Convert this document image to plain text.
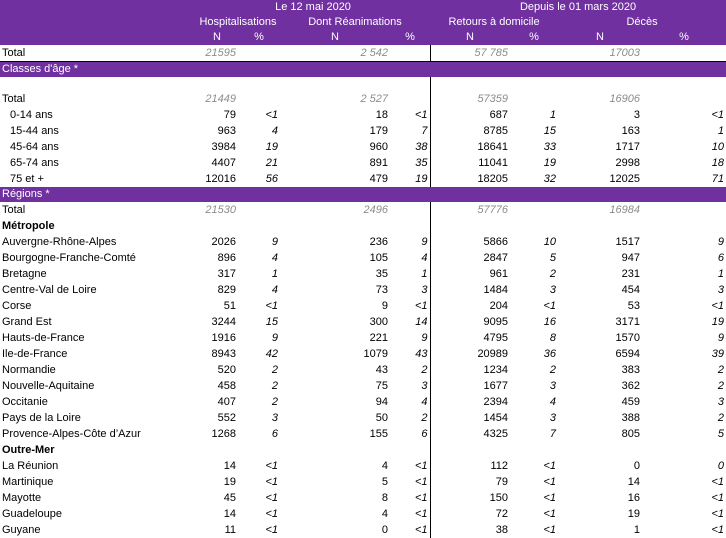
	Le 12 mai 2020				Depuis le 01 mars 2020			
	Hospitalisations		Dont Réanimations		Retours à domicile		Décès	
	N	%	N	%	N	%	N	%
Total	21595		2 542		57 785		17003	
Classes d'âge *								

Total	21449		2 527		57359		16906	
0-14 ans	79	<1	18	<1	687	1	3	<1
15-44 ans	963	4	179	7	8785	15	163	1
45-64 ans	3984	19	960	38	18641	33	1717	10
65-74 ans	4407	21	891	35	11041	19	2998	18
75 et +	12016	56	479	19	18205	32	12025	71
Régions *								
Total	21530		2496		57776		16984	
Métropole								
Auvergne-Rhône-Alpes	2026	9	236	9	5866	10	1517	9
Bourgogne-Franche-Comté	896	4	105	4	2847	5	947	6
Bretagne	317	1	35	1	961	2	231	1
Centre-Val de Loire	829	4	73	3	1484	3	454	3
Corse	51	<1	9	<1	204	<1	53	<1
Grand Est	3244	15	300	14	9095	16	3171	19
Hauts-de-France	1916	9	221	9	4795	8	1570	9
Ile-de-France	8943	42	1079	43	20989	36	6594	39
Normandie	520	2	43	2	1234	2	383	2
Nouvelle-Aquitaine	458	2	75	3	1677	3	362	2
Occitanie	407	2	94	4	2394	4	459	3
Pays de la Loire	552	3	50	2	1454	3	388	2
Provence-Alpes-Côte d’Azur	1268	6	155	6	4325	7	805	5
Outre-Mer								
La Réunion	14	<1	4	<1	112	<1	0	0
Martinique	19	<1	5	<1	79	<1	14	<1
Mayotte	45	<1	8	<1	150	<1	16	<1
Guadeloupe	14	<1	4	<1	72	<1	19	<1
Guyane	11	<1	0	<1	38	<1	1	<1
